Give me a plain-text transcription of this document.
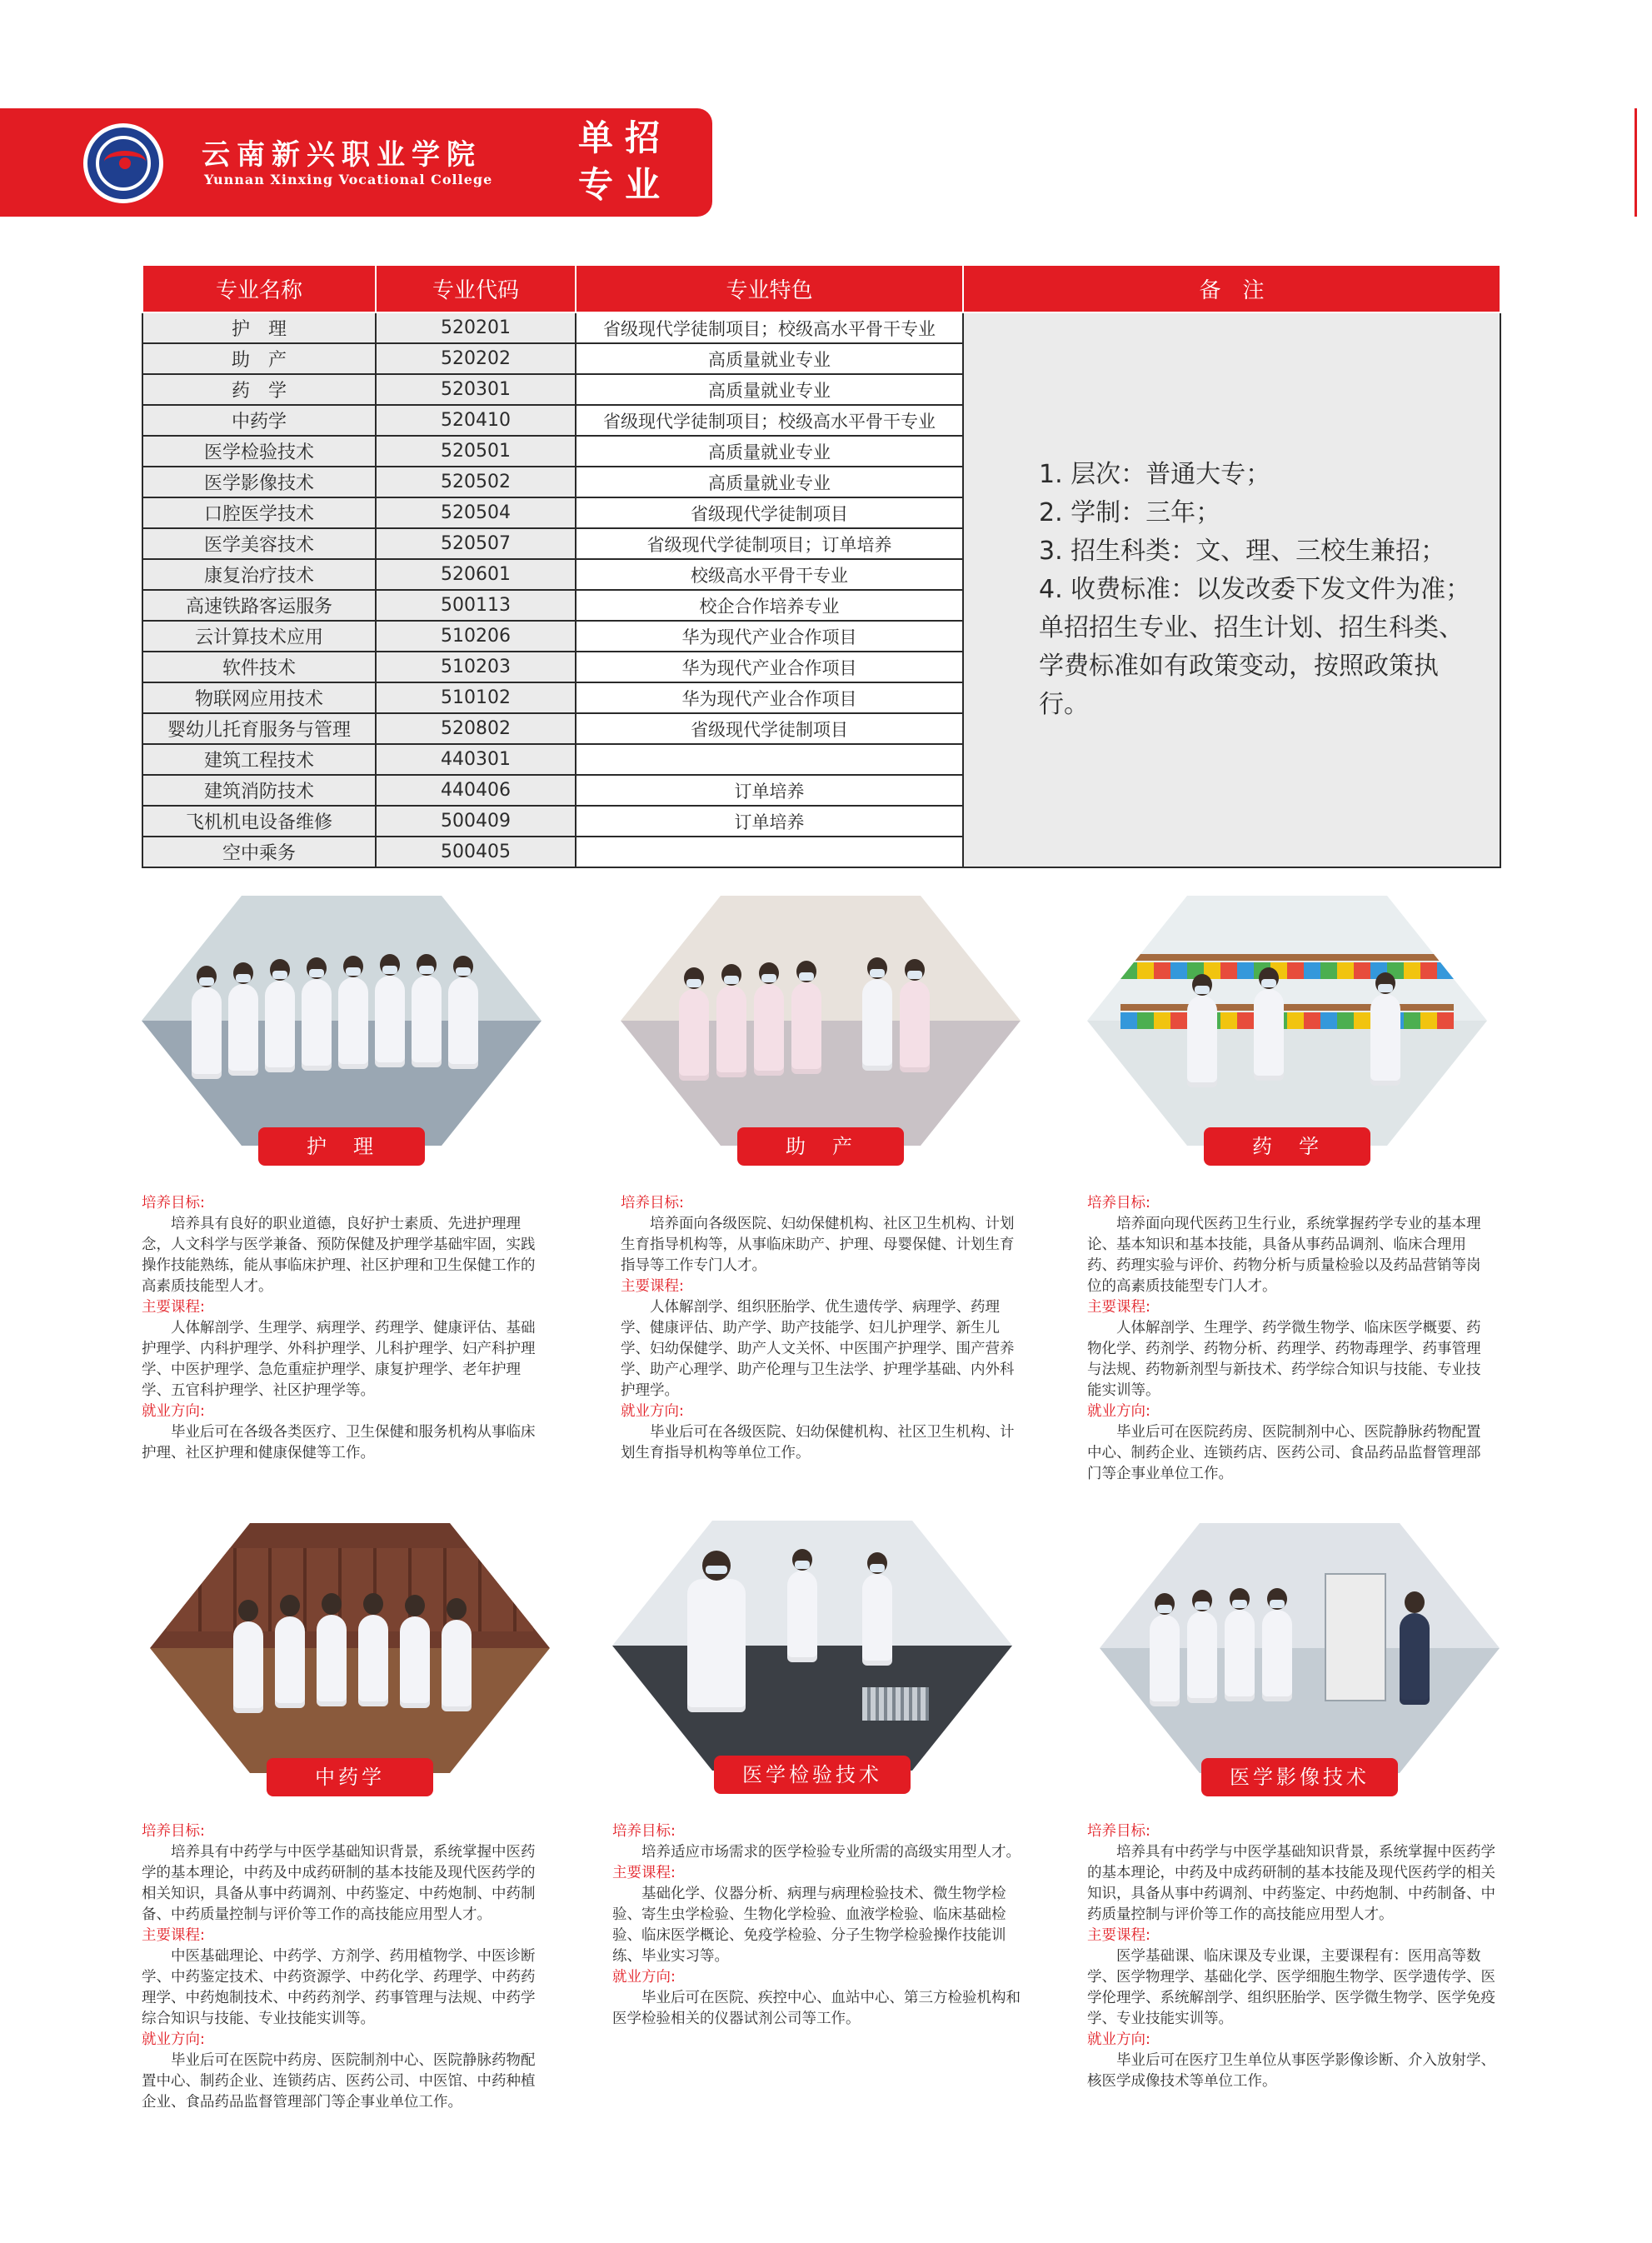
云南新兴职业学院
Yunnan Xinxing Vocational College
单招专业
专业名称	专业代码	专业特色	备　注
护　理	520201	省级现代学徒制项目；校级高水平骨干专业	1. 层次：普通大专；
2. 学制：三年；
3. 招生科类：文、理、三校生兼招；
4. 收费标准：以发改委下发文件为准；
单招招生专业、招生计划、招生科类、学费标准如有政策变动，按照政策执行。

助　产	520202	高质量就业专业	
药　学	520301	高质量就业专业	
中药学	520410	省级现代学徒制项目；校级高水平骨干专业	
医学检验技术	520501	高质量就业专业	
医学影像技术	520502	高质量就业专业	
口腔医学技术	520504	省级现代学徒制项目	
医学美容技术	520507	省级现代学徒制项目；订单培养	
康复治疗技术	520601	校级高水平骨干专业	
高速铁路客运服务	500113	校企合作培养专业	
云计算技术应用	510206	华为现代产业合作项目	
软件技术	510203	华为现代产业合作项目	
物联网应用技术	510102	华为现代产业合作项目	
婴幼儿托育服务与管理	520802	省级现代学徒制项目	
建筑工程技术	440301		
建筑消防技术	440406	订单培养	
飞机机电设备维修	500409	订单培养	
空中乘务	500405		
护　理
培养目标:
培养具有良好的职业道德，良好护士素质、先进护理理念，人文科学与医学兼备、预防保健及护理学基础牢固，实践操作技能熟练，能从事临床护理、社区护理和卫生保健工作的高素质技能型人才。
主要课程:
人体解剖学、生理学、病理学、药理学、健康评估、基础护理学、内科护理学、外科护理学、儿科护理学、妇产科护理学、中医护理学、急危重症护理学、康复护理学、老年护理学、五官科护理学、社区护理学等。
就业方向:
毕业后可在各级各类医疗、卫生保健和服务机构从事临床护理、社区护理和健康保健等工作。
助　产
培养目标:
培养面向各级医院、妇幼保健机构、社区卫生机构、计划生育指导机构等，从事临床助产、护理、母婴保健、计划生育指导等工作专门人才。
主要课程:
人体解剖学、组织胚胎学、优生遗传学、病理学、药理学、健康评估、助产学、助产技能学、妇儿护理学、新生儿学、妇幼保健学、助产人文关怀、中医围产护理学、围产营养学、助产心理学、助产伦理与卫生法学、护理学基础、内外科护理学。
就业方向:
毕业后可在各级医院、妇幼保健机构、社区卫生机构、计划生育指导机构等单位工作。
药　学
培养目标:
培养面向现代医药卫生行业，系统掌握药学专业的基本理论、基本知识和基本技能，具备从事药品调剂、临床合理用药、药理实验与评价、药物分析与质量检验以及药品营销等岗位的高素质技能型专门人才。
主要课程:
人体解剖学、生理学、药学微生物学、临床医学概要、药物化学、药剂学、药物分析、药理学、药物毒理学、药事管理与法规、药物新剂型与新技术、药学综合知识与技能、专业技能实训等。
就业方向:
毕业后可在医院药房、医院制剂中心、医院静脉药物配置中心、制药企业、连锁药店、医药公司、食品药品监督管理部门等企事业单位工作。
中药学
培养目标:
培养具有中药学与中医学基础知识背景，系统掌握中医药学的基本理论，中药及中成药研制的基本技能及现代医药学的相关知识，具备从事中药调剂、中药鉴定、中药炮制、中药制备、中药质量控制与评价等工作的高技能应用型人才。
主要课程:
中医基础理论、中药学、方剂学、药用植物学、中医诊断学、中药鉴定技术、中药资源学、中药化学、药理学、中药药理学、中药炮制技术、中药药剂学、药事管理与法规、中药学综合知识与技能、专业技能实训等。
就业方向:
毕业后可在医院中药房、医院制剂中心、医院静脉药物配置中心、制药企业、连锁药店、医药公司、中医馆、中药种植企业、食品药品监督管理部门等企事业单位工作。
医学检验技术
培养目标:
培养适应市场需求的医学检验专业所需的高级实用型人才。
主要课程:
基础化学、仪器分析、病理与病理检验技术、微生物学检验、寄生虫学检验、生物化学检验、血液学检验、临床基础检验、临床医学概论、免疫学检验、分子生物学检验操作技能训练、毕业实习等。
就业方向:
毕业后可在医院、疾控中心、血站中心、第三方检验机构和医学检验相关的仪器试剂公司等工作。
医学影像技术
培养目标:
培养具有中药学与中医学基础知识背景，系统掌握中医药学的基本理论，中药及中成药研制的基本技能及现代医药学的相关知识，具备从事中药调剂、中药鉴定、中药炮制、中药制备、中药质量控制与评价等工作的高技能应用型人才。
主要课程:
医学基础课、临床课及专业课，主要课程有：医用高等数学、医学物理学、基础化学、医学细胞生物学、医学遗传学、医学伦理学、系统解剖学、组织胚胎学、医学微生物学、医学免疫学、专业技能实训等。
就业方向:
毕业后可在医疗卫生单位从事医学影像诊断、介入放射学、核医学成像技术等单位工作。
